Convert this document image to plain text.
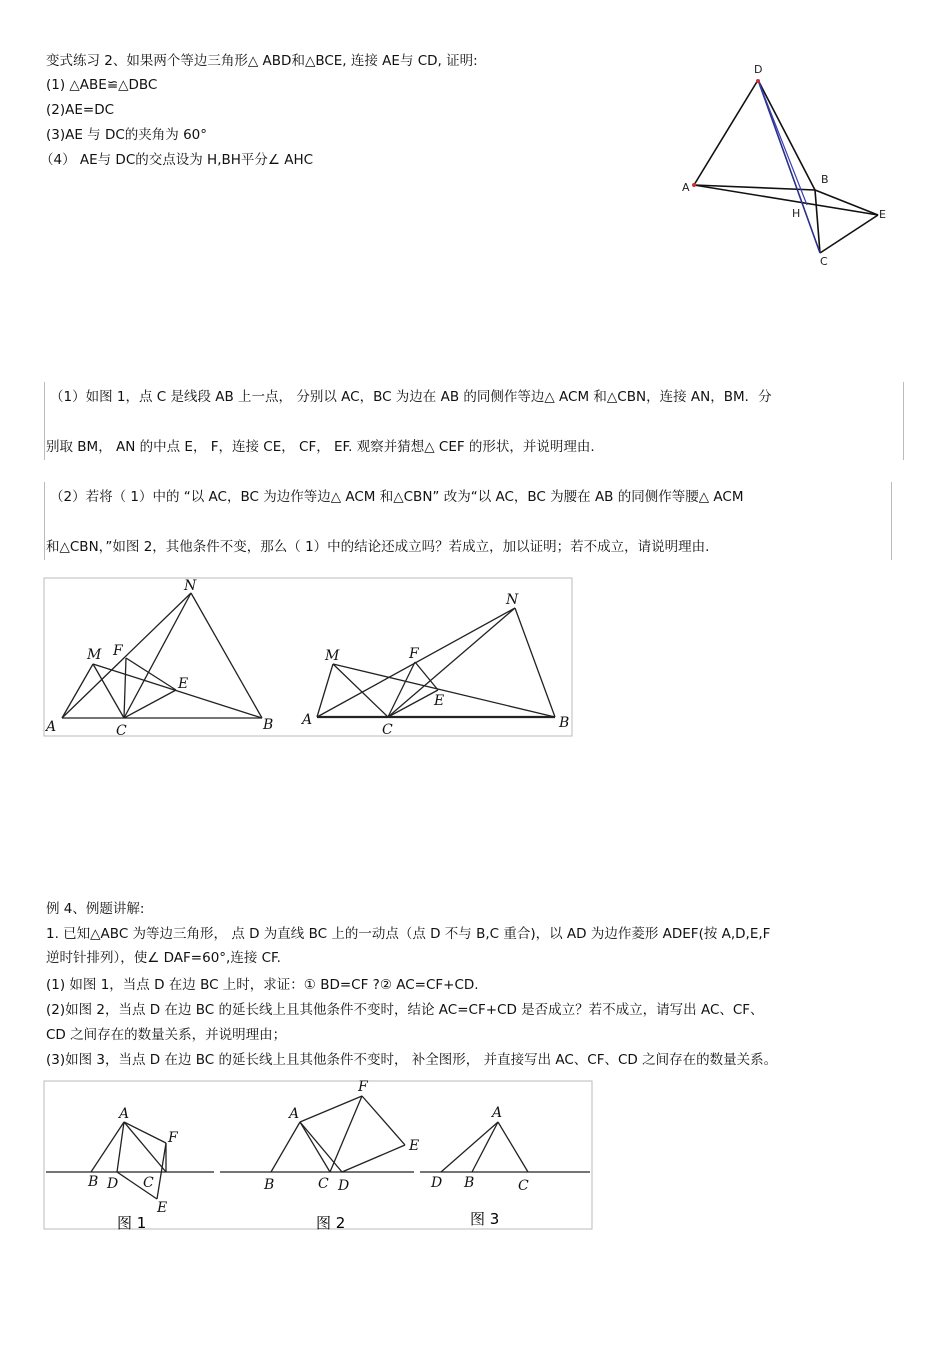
变式练习 2、如果两个等边三角形△ ABD和△BCE, 连接 AE与 CD, 证明:
(1) △ABE≌△DBC
(2)AE=DC
(3)AE 与 DC的夹角为 60°
（4） AE与 DC的交点设为 H,BH平分∠ AHC
D
A
B
H	E
C
（1）如图 1，点 C 是线段 AB 上一点， 分别以 AC，BC 为边在 AB 的同侧作等边△ ACM 和△CBN，连接 AN，BM．分
别取 BM， AN 的中点 E， F，连接 CE， CF， EF. 观察并猜想△ CEF 的形状，并说明理由.
（2）若将（ 1）中的 “以 AC，BC 为边作等边△ ACM 和△CBN” 改为“以 AC，BC 为腰在 AB 的同侧作等腰△ ACM
和△CBN，”如图 2，其他条件不变，那么（ 1）中的结论还成立吗？若成立，加以证明；若不成立，请说明理由.
N
M F
E
A	C	B
N
M	F
E
A
C	B
例 4、例题讲解:
1. 已知△ABC 为等边三角形， 点 D 为直线 BC 上的一动点（点 D 不与 B,C 重合)，以 AD 为边作菱形 ADEF(按 A,D,E,F
逆时针排列），使∠ DAF=60°,连接 CF.
(1) 如图 1，当点 D 在边 BC 上时，求证：① BD=CF ?② AC=CF+CD.
(2)如图 2，当点 D 在边 BC 的延长线上且其他条件不变时，结论 AC=CF+CD 是否成立？若不成立，请写出 AC、CF、
CD 之间存在的数量关系，并说明理由；
(3)如图 3，当点 D 在边 BC 的延长线上且其他条件不变时， 补全图形， 并直接写出 AC、CF、CD 之间存在的数量关系。
A
F
B D C
E
图 1
F
A
E
B	C D
图 2
A
D B	C
图 3
